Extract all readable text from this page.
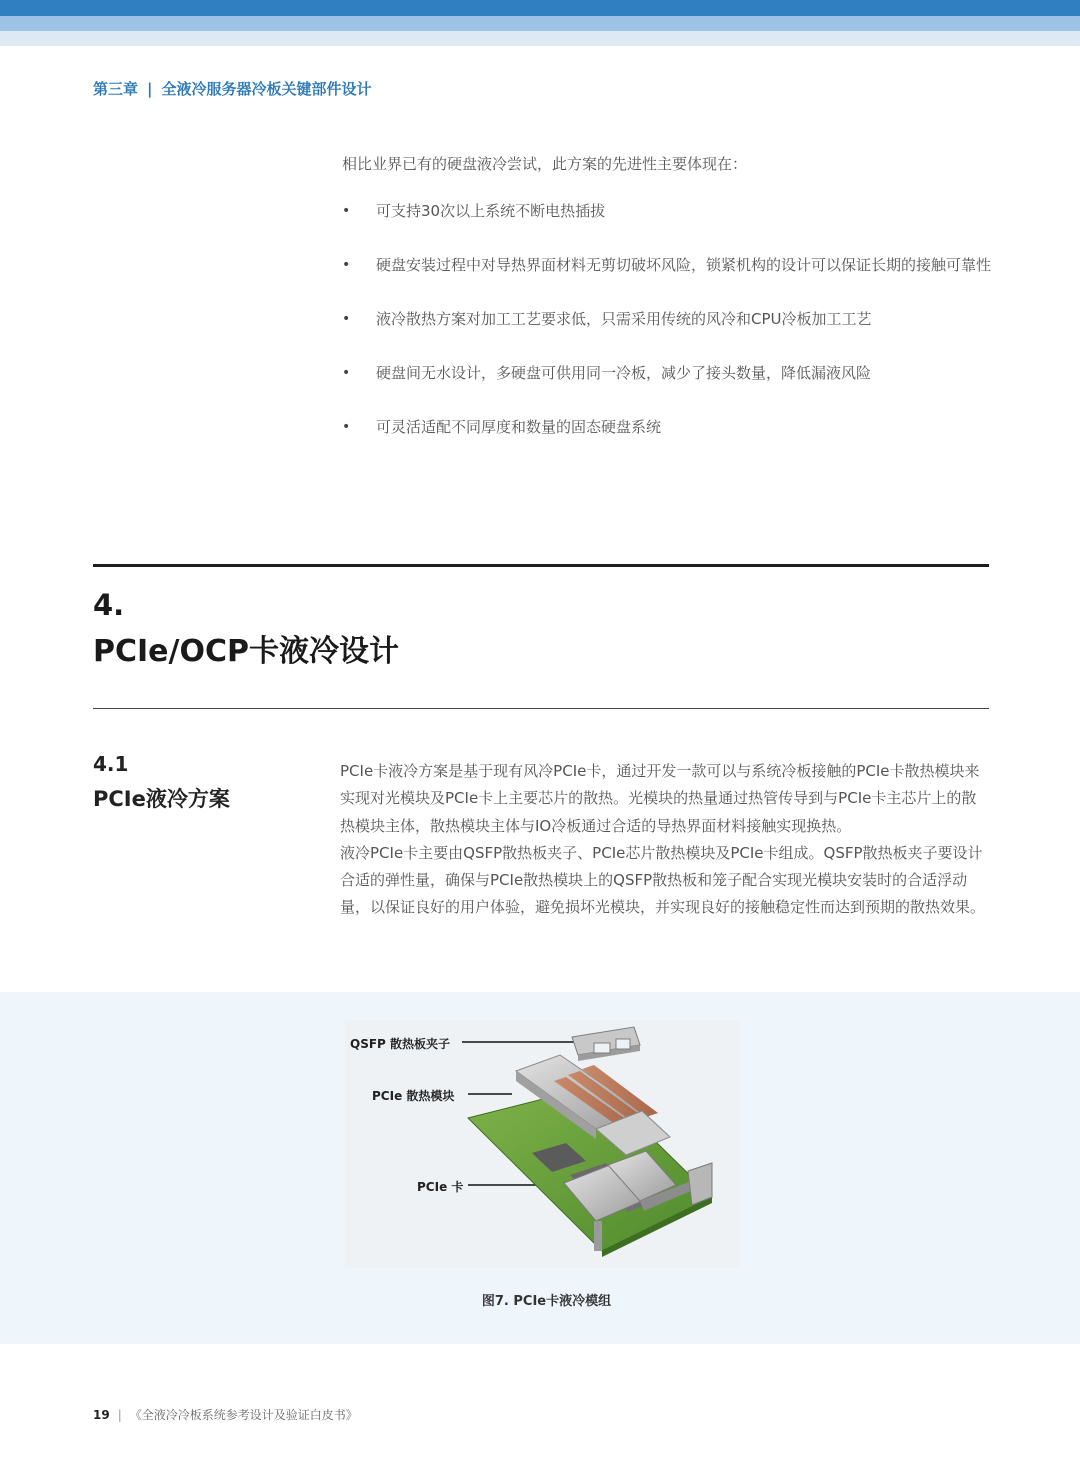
第三章 | 全液冷服务器冷板关键部件设计
相比业界已有的硬盘液冷尝试，此方案的先进性主要体现在：
• 可支持30次以上系统不断电热插拔
• 硬盘安装过程中对导热界面材料无剪切破坏风险，锁紧机构的设计可以保证长期的接触可靠性
• 液冷散热方案对加工工艺要求低，只需采用传统的风冷和CPU冷板加工工艺
• 硬盘间无水设计，多硬盘可供用同一冷板，减少了接头数量，降低漏液风险
• 可灵活适配不同厚度和数量的固态硬盘系统
4.
PCIe/OCP卡液冷设计
4.1
PCIe液冷方案

PCIe卡液冷方案是基于现有风冷PCIe卡，通过开发一款可以与系统冷板接触的PCIe卡散热模块来实现对光模块及PCIe卡上主要芯片的散热。光模块的热量通过热管传导到与PCIe卡主芯片上的散热模块主体，散热模块主体与IO冷板通过合适的导热界面材料接触实现换热。

液冷PCIe卡主要由QSFP散热板夹子、PCIe芯片散热模块及PCIe卡组成。QSFP散热板夹子要设计合适的弹性量，确保与PCIe散热模块上的QSFP散热板和笼子配合实现光模块安装时的合适浮动量，以保证良好的用户体验，避免损坏光模块，并实现良好的接触稳定性而达到预期的散热效果。

QSFP 散热板夹子
PCIe 散热模块
PCIe 卡
图7. PCIe卡液冷模组
19 | 《全液冷冷板系统参考设计及验证白皮书》
